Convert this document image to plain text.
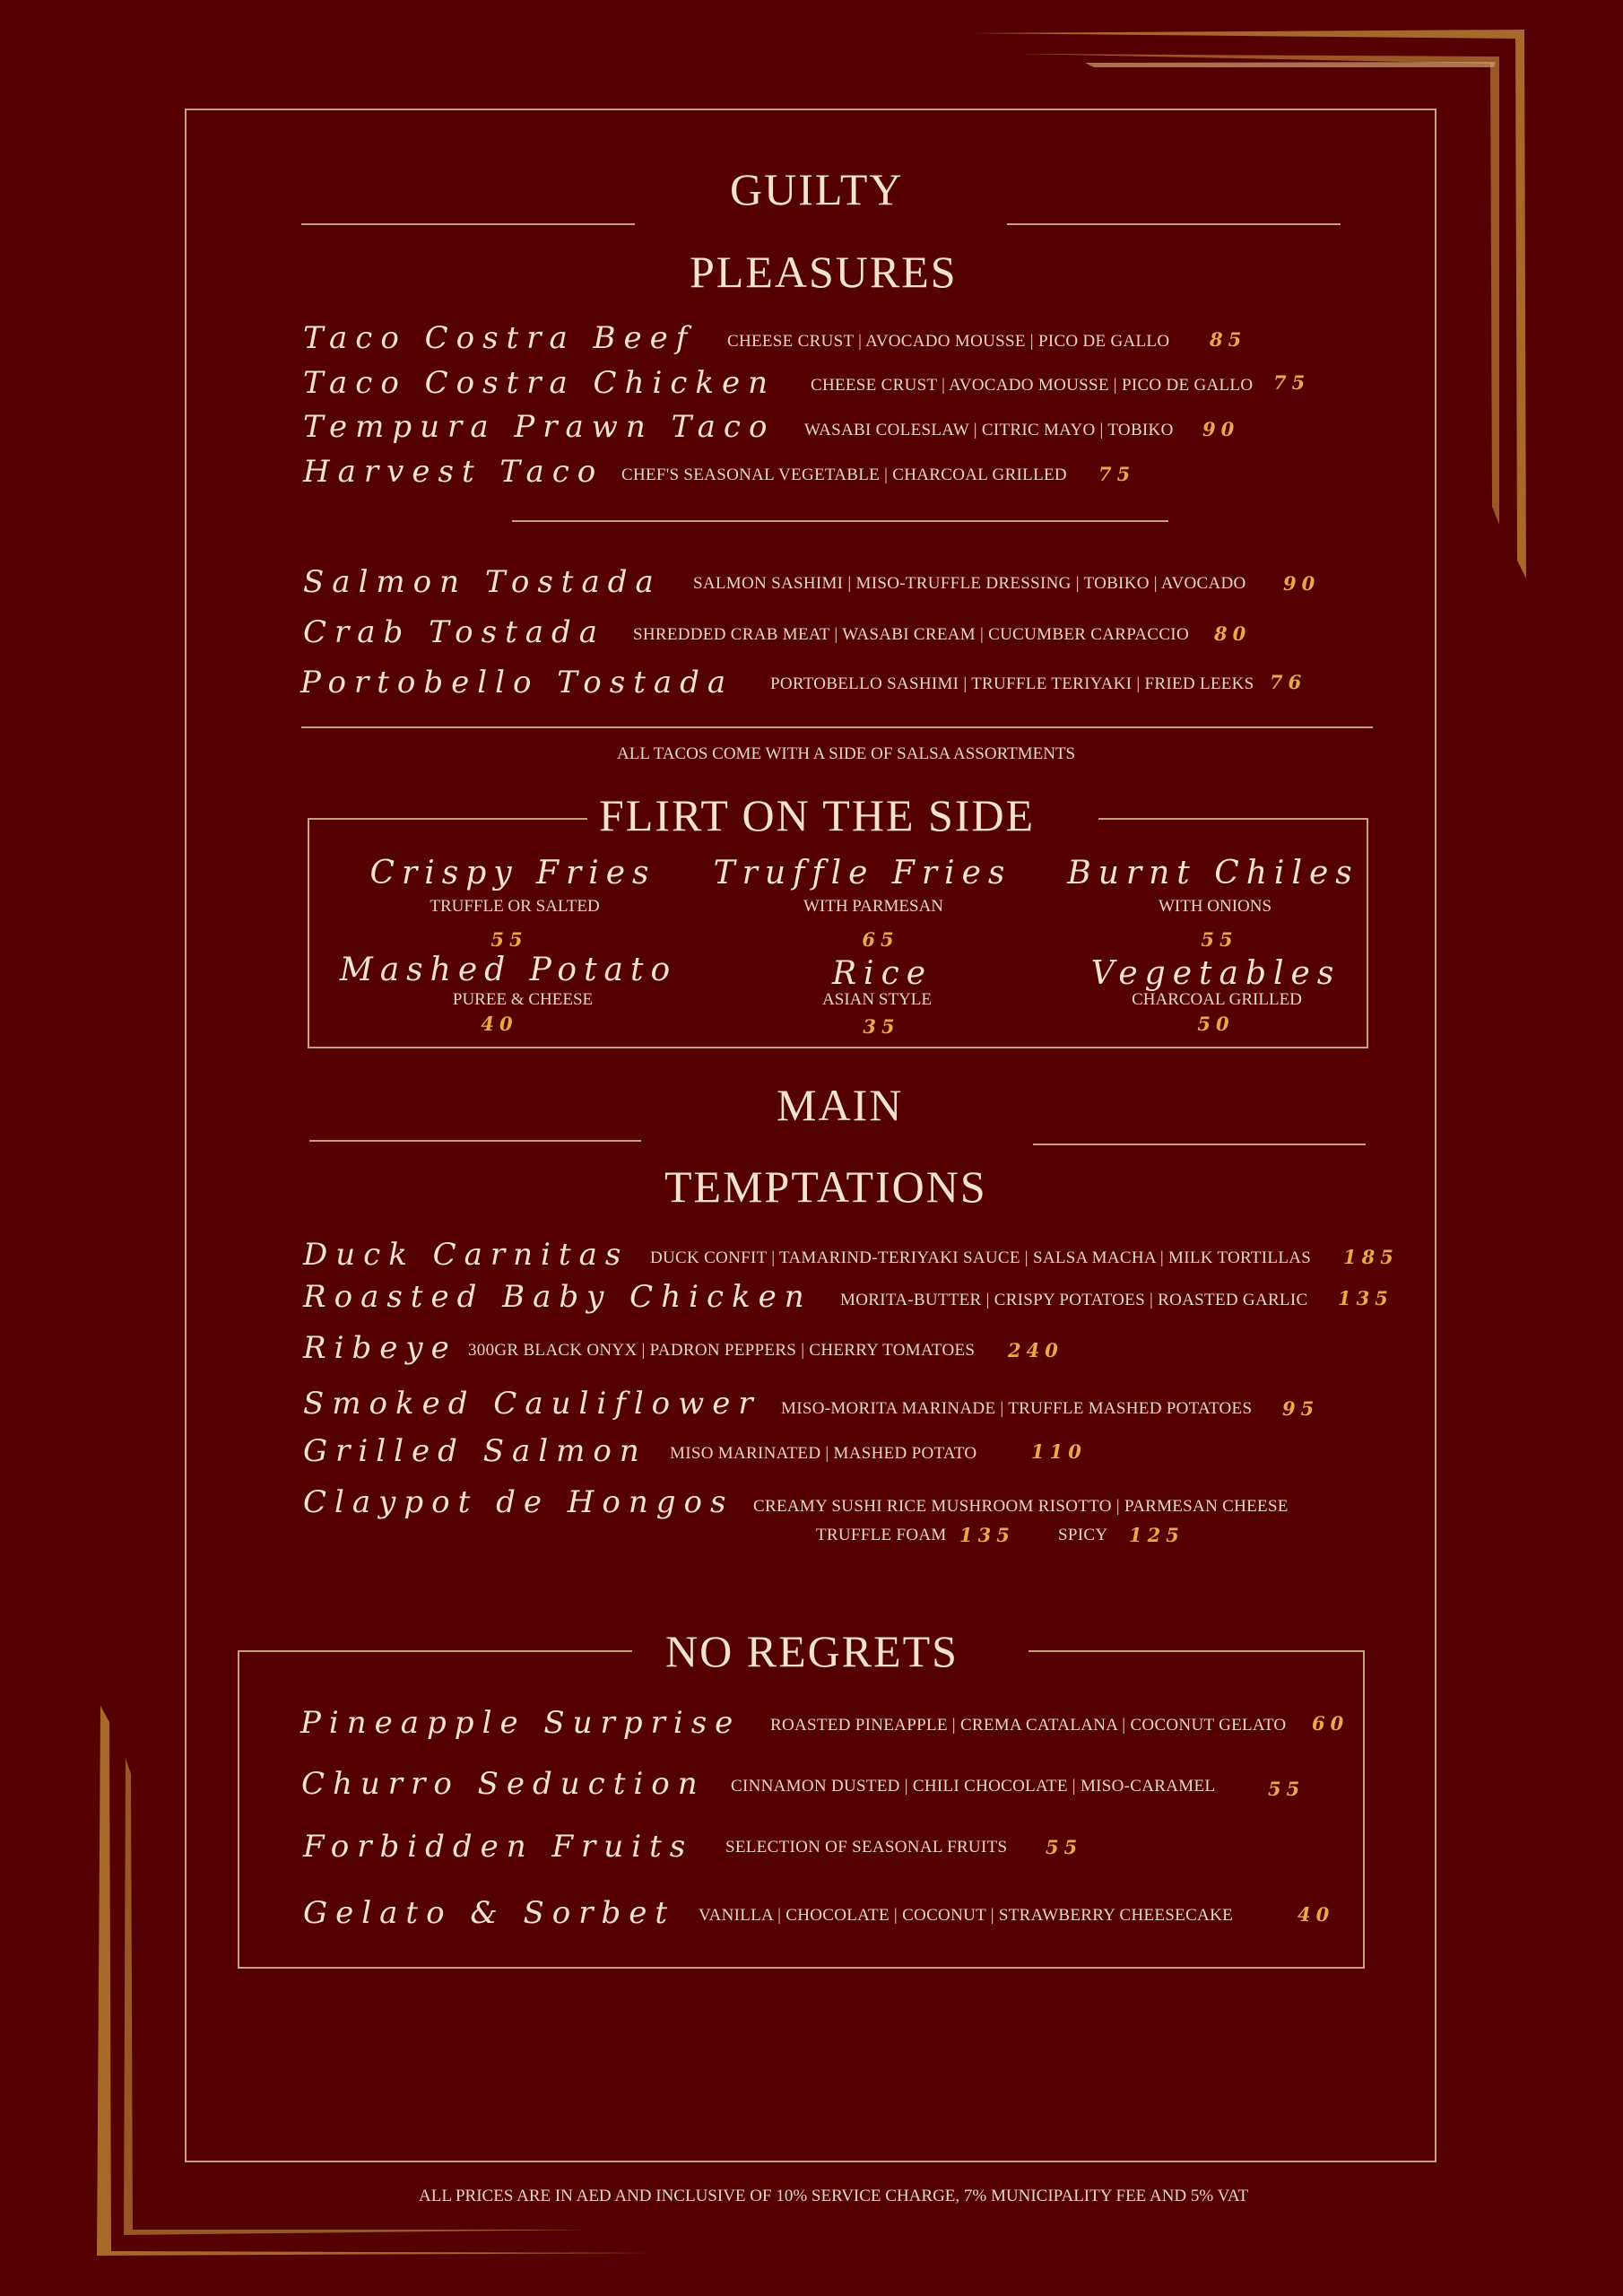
GUILTY
PLEASURES
Taco Costra Beef CHEESE CRUST | AVOCADO MOUSSE | PICO DE GALLO 85
Taco Costra Chicken CHEESE CRUST | AVOCADO MOUSSE | PICO DE GALLO 75
Tempura Prawn Taco WASABI COLESLAW | CITRIC MAYO | TOBIKO 90
Harvest Taco CHEF'S SEASONAL VEGETABLE | CHARCOAL GRILLED 75
Salmon Tostada SALMON SASHIMI | MISO-TRUFFLE DRESSING | TOBIKO | AVOCADO 90
Crab Tostada SHREDDED CRAB MEAT | WASABI CREAM | CUCUMBER CARPACCIO 80
Portobello Tostada PORTOBELLO SASHIMI | TRUFFLE TERIYAKI | FRIED LEEKS 76
ALL TACOS COME WITH A SIDE OF SALSA ASSORTMENTS
FLIRT ON THE SIDE
Crispy Fries
TRUFFLE OR SALTED
55
Truffle Fries
WITH PARMESAN
65
Burnt Chiles
WITH ONIONS
55
Mashed Potato
PUREE & CHEESE
40
Rice
ASIAN STYLE
35
Vegetables
CHARCOAL GRILLED
50
MAIN
TEMPTATIONS
Duck Carnitas DUCK CONFIT | TAMARIND-TERIYAKI SAUCE | SALSA MACHA | MILK TORTILLAS 185
Roasted Baby Chicken MORITA-BUTTER | CRISPY POTATOES | ROASTED GARLIC 135
Ribeye 300GR BLACK ONYX | PADRON PEPPERS | CHERRY TOMATOES 240
Smoked Cauliflower MISO-MORITA MARINADE | TRUFFLE MASHED POTATOES 95
Grilled Salmon MISO MARINATED | MASHED POTATO	110
Claypot de Hongos CREAMY SUSHI RICE MUSHROOM RISOTTO | PARMESAN CHEESE
TRUFFLE FOAM 135	SPICY 125
NO REGRETS
Pineapple Surprise ROASTED PINEAPPLE | CREMA CATALANA | COCONUT GELATO 60
Churro Seduction CINNAMON DUSTED | CHILI CHOCOLATE | MISO-CARAMEL	55
Forbidden Fruits SELECTION OF SEASONAL FRUITS 55
Gelato & Sorbet VANILLA | CHOCOLATE | COCONUT | STRAWBERRY CHEESECAKE	40
ALL PRICES ARE IN AED AND INCLUSIVE OF 10% SERVICE CHARGE, 7% MUNICIPALITY FEE AND 5% VAT
